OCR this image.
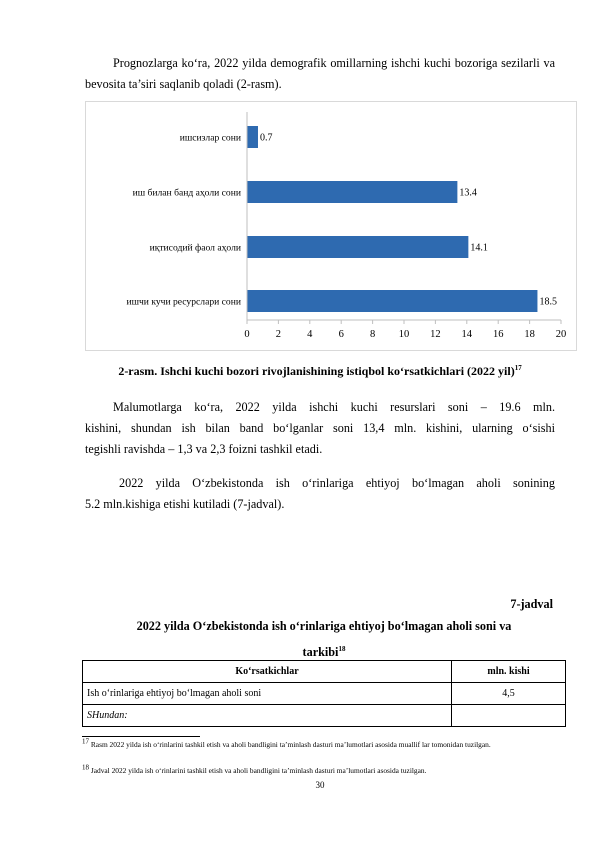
Prognozlarga ko‘ra, 2022 yilda demografik omillarning ishchi kuchi bozoriga sezilarli va bevosita ta’siri saqlanib qoladi (2-rasm).
ишсизлар сони
иш билан банд аҳоли сони
иқтисодий фаол аҳоли
ишчи кучи ресурслари сони
0.7
13.4
14.1
18.5
0 2 4 6 8 10 12 14 16 18 20
2-rasm. Ishchi kuchi bozori rivojlanishining istiqbol ko‘rsatkichlari (2022 yil)$^{17}$
Malumotlarga ko‘ra, 2022 yilda ishchi kuchi resurslari soni – 19.6 mln.
kishini, shundan ish bilan band bo‘lganlar soni 13,4 mln. kishini, ularning o‘sishi
tegishli ravishda – 1,3 va 2,3 foizni tashkil etadi.
2022 yilda O‘zbekistonda ish o‘rinlariga ehtiyoj bo‘lmagan aholi sonining
5.2 mln.kishiga etishi kutiladi (7-jadval).
7-jadval
2022 yilda O‘zbekistonda ish o‘rinlariga ehtiyoj bo‘lmagan aholi soni va
tarkibi$^{18}$
Ko‘rsatkichlar	mln. kishi
Ish o‘rinlariga ehtiyoj bo‘lmagan aholi soni	4,5
SHundan:	
$^{17}$ Rasm 2022 yilda ish o‘rinlarini tashkil etish va aholi bandligini ta’minlash dasturi ma’lumotlari asosida muallif lar tomonidan tuzilgan.
$^{18}$ Jadval 2022 yilda ish o‘rinlarini tashkil etish va aholi bandligini ta’minlash dasturi ma’lumotlari asosida tuzilgan.
30
